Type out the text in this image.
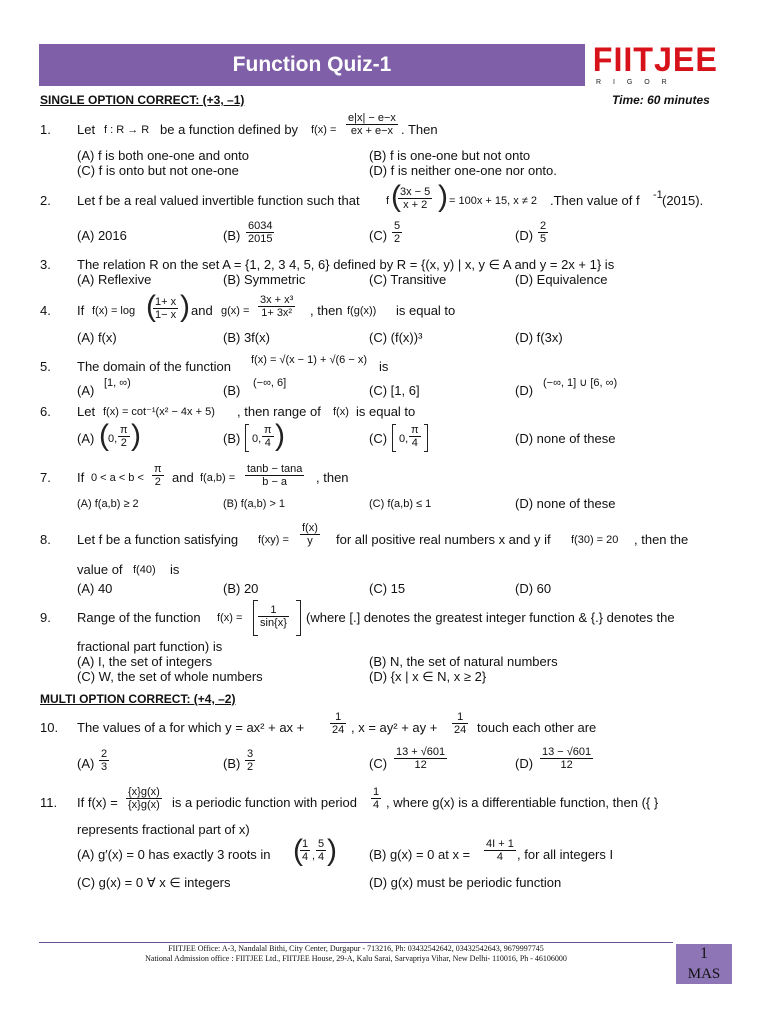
Function Quiz-1	FIITJEE
R I G O R
SINGLE OPTION CORRECT: (+3, –1)	Time: 60 minutes
1. Let f : R → R be a function defined by $f(x) = \frac{e|x| - e-x}{ex + e-x}$ . Then
(A) f is both one-one and onto	(B) f is one-one but not onto
(C) f is onto but not one-one	(D) f is neither one-one nor onto.
2. Let f be a real valued invertible function such that f (
$\frac{3x - 5}{x + 2}$ ) = 100x + 15, x ≠ 2 .Then value of f -1 (2015).
(A) 2016	$(B) \frac{6034}{2015}$	$(C) \frac{5}{2}$	$(D) \frac{2}{5}$
3. The relation R on the set A = {1, 2, 3 4, 5, 6} defined by R = {(x, y) | x, y ∈ A and y = 2x + 1} is
(A) Reflexive	(B) Symmetric	(C) Transitive	(D) Equivalence
4. If f(x) = log (
$\frac{1+ x}{1- x}$ ) and $g(x) = \frac{\text{3x + x³}}{\text{1+ 3x²}}$ , then f(g(x)) is equal to
(A) f(x)	(B) 3f(x)	(C) (f(x))³	(D) f(3x)
5. The domain of the function f(x) = √(x − 1) + √(6 − x) is
(A) [1, ∞)	(B) (−∞, 6]	(C) [1, 6]	(D) (−∞, 1] ∪ [6, ∞)
6. Let f(x) = cot⁻¹(x² − 4x + 5) , then range of f(x) is equal to
(A) ( 0, $\frac{\pi}{2}$ )	(B) 0, $\frac{\pi}{4}$ )	(C) 0, $\frac{\pi}{4}$	(D) none of these
7. If $0 < a < b < \frac{\pi}{2}$ and $f(a,b) = \frac{\tan b - \tan a}{b - a}$ , then
(A) f(a,b) ≥ 2	(B) f(a,b) > 1	(C) f(a,b) ≤ 1	(D) none of these
8. Let f be a function satisfying $f(xy) = \frac{f(x)}{y}$ for all positive real numbers x and y if f(30) = 20 , then the
value of f(40) is
(A) 40	(B) 20	(C) 15	(D) 60
9. Range of the function $f(x) = \frac{1}{\sin\{x\}}$ (where [.] denotes the greatest integer function & {.} denotes the
fractional part function) is
(A) I, the set of integers	(B) N, the set of natural numbers
(C) W, the set of whole numbers	(D) {x | x ∈ N, x ≥ 2}
MULTI OPTION CORRECT: (+4, –2)
10. The values of a for which y = ax² + ax + $\frac{1}{24}$ , x = ay² + ay + $\frac{1}{24}$ touch each other are
$(A) \frac{2}{3}$	$(B) \frac{3}{2}$	$(C) \frac{13 + √601}{12}$	$(D) \frac{13 - √601}{12}$
11. If $f(x) = \frac{\{x\}g(x)}{\{x\}g(x)}$ is a periodic function with period $\frac{1}{4}$ , where g(x) is a differentiable function, then ({ }
represents fractional part of x)
(A) g′(x) = 0 has exactly 3 roots in (
$\frac{1}{4}$ , $\frac{5}{4}$ ) (B) g(x) = 0 at $x = \frac{4I + 1}{4}$ , for all integers I
(C) g(x) = 0 ∀ x ∈ integers	(D) g(x) must be periodic function
FIITJEE Office: A-3, Nandalal Bithi, City Center, Durgapur - 713216, Ph: 03432542642, 03432542643, 9679997745
National Admission office : FIITJEE Ltd., FIITJEE House, 29-A, Kalu Sarai, Sarvapriya Vihar, New Delhi- 110016, Ph - 46106000	1
MAS
